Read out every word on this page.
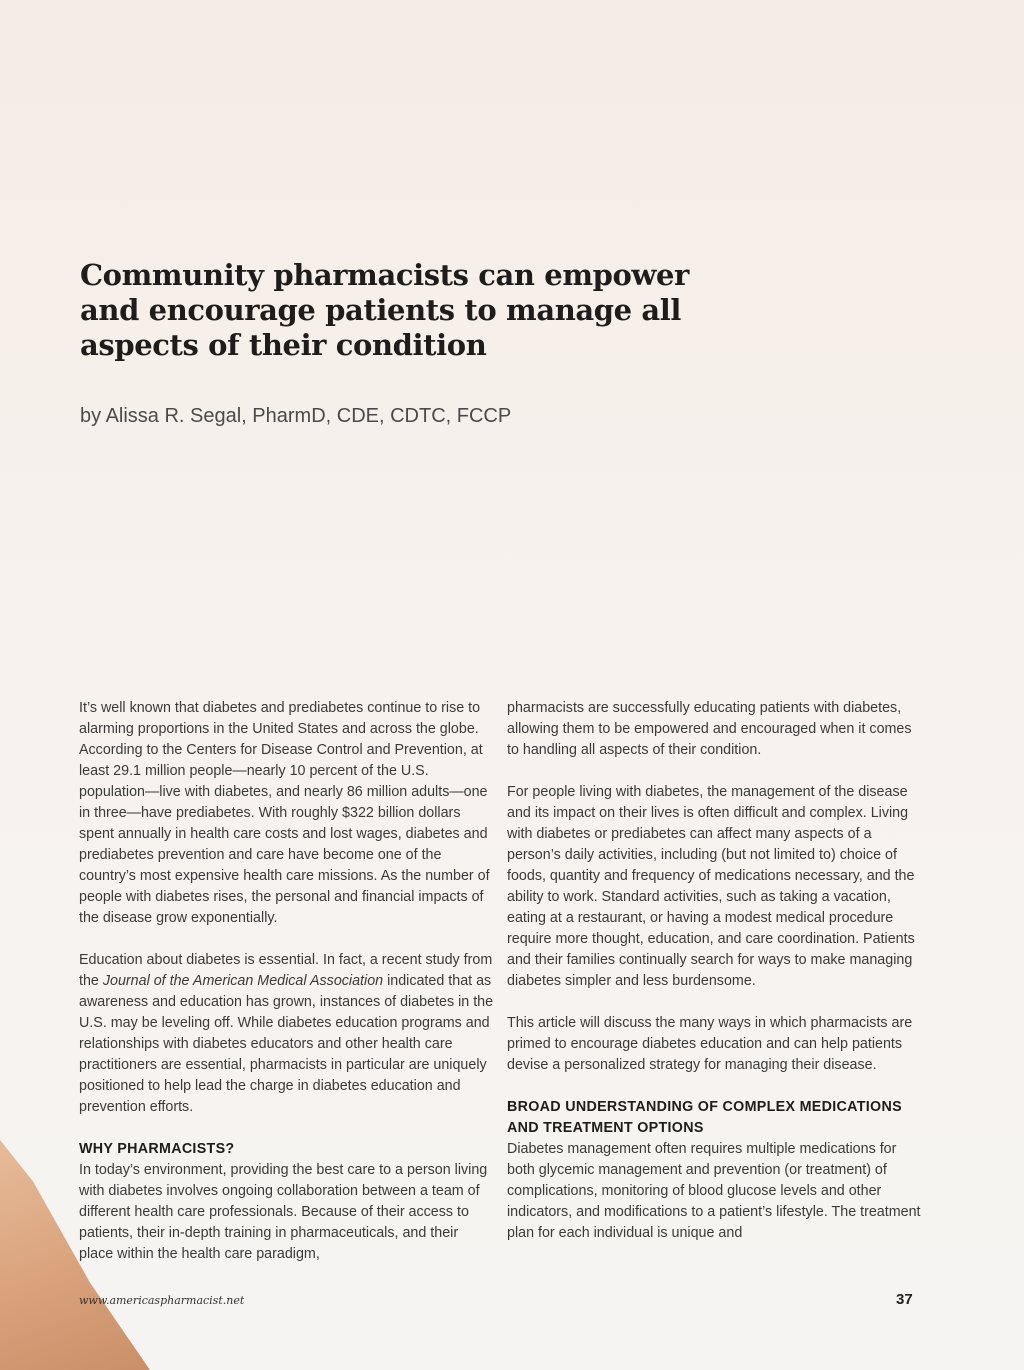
Community pharmacists can empower and encourage patients to manage all aspects of their condition

by Alissa R. Segal, PharmD, CDE, CDTC, FCCP

It’s well known that diabetes and prediabetes continue to rise to alarming proportions in the United States and across the globe. According to the Centers for Disease Control and Prevention, at least 29.1 million people—nearly 10 percent of the U.S. population—live with diabetes, and nearly 86 million adults—one in three—have prediabetes. With roughly $322 billion dollars spent annually in health care costs and lost wages, diabetes and prediabetes prevention and care have become one of the country’s most expensive health care missions. As the number of people with diabetes rises, the personal and financial impacts of the disease grow exponentially.

Education about diabetes is essential. In fact, a recent study from the Journal of the American Medical Association indicated that as awareness and education has grown, instances of diabetes in the U.S. may be leveling off. While diabetes education programs and relationships with diabetes educators and other health care practitioners are essential, pharmacists in particular are uniquely positioned to help lead the charge in diabetes education and prevention efforts.

WHY PHARMACISTS?

In today’s environment, providing the best care to a person living with diabetes involves ongoing collaboration between a team of different health care professionals. Because of their access to patients, their in-depth training in pharmaceuticals, and their place within the health care paradigm,

pharmacists are successfully educating patients with diabetes, allowing them to be empowered and encouraged when it comes to handling all aspects of their condition.

For people living with diabetes, the management of the disease and its impact on their lives is often difficult and complex. Living with diabetes or prediabetes can affect many aspects of a person’s daily activities, including (but not limited to) choice of foods, quantity and frequency of medications necessary, and the ability to work. Standard activities, such as taking a vacation, eating at a restaurant, or having a modest medical procedure require more thought, education, and care coordination. Patients and their families continually search for ways to make managing diabetes simpler and less burdensome.

This article will discuss the many ways in which pharmacists are primed to encourage diabetes education and can help patients devise a personalized strategy for managing their disease.

BROAD UNDERSTANDING OF COMPLEX MEDICATIONS AND TREATMENT OPTIONS

Diabetes management often requires multiple medications for both glycemic management and prevention (or treatment) of complications, monitoring of blood glucose levels and other indicators, and modifications to a patient’s lifestyle. The treatment plan for each individual is unique and

www.americaspharmacist.net	37
